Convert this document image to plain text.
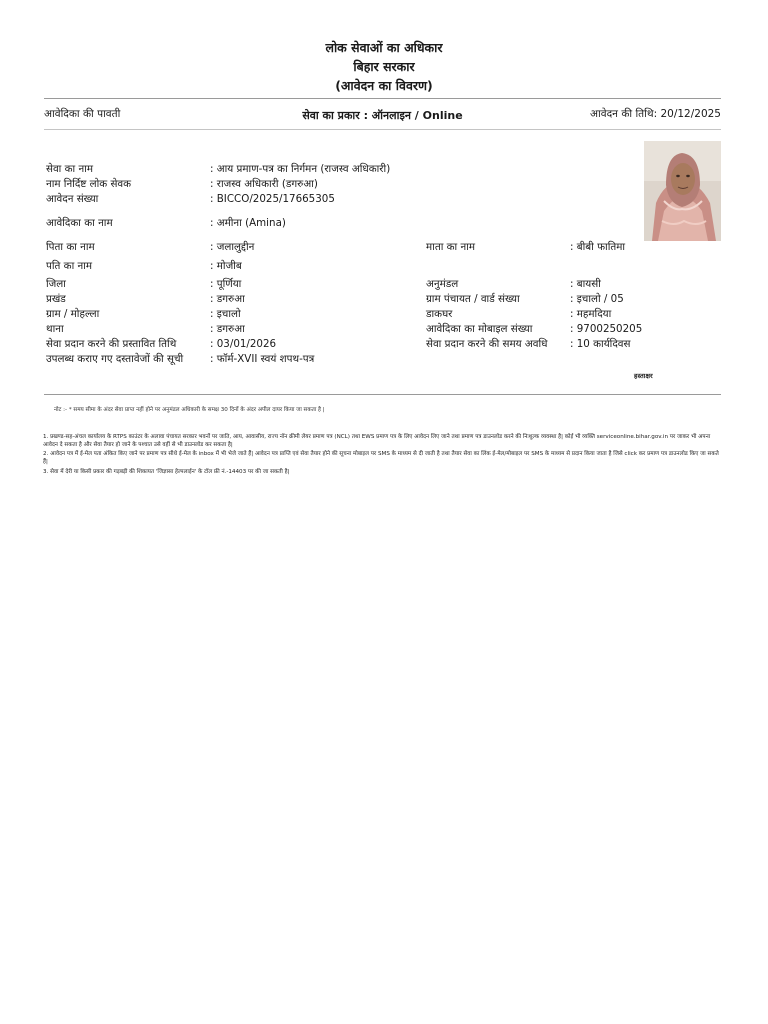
लोक सेवाओं का अधिकार
बिहार सरकार
(आवेदन का विवरण)
आवेदिका की पावती	सेवा का प्रकार : ऑनलाइन / Online	आवेदन की तिथि: 20/12/2025
सेवा का नाम	: आय प्रमाण-पत्र का निर्गमन (राजस्व अधिकारी)
नाम निर्दिष्ट लोक सेवक	: राजस्व अधिकारी (डगरुआ)
आवेदन संख्या	: BICCO/2025/17665305
आवेदिका का नाम	: अमीना (Amina)
पिता का नाम	: जलालुद्दीन	माता का नाम	: बीबी फातिमा
पति का नाम	: मोजीब
जिला	: पूर्णिया	अनुमंडल	: बायसी
प्रखंड	: डगरुआ	ग्राम पंचायत / वार्ड संख्या	: इचालो / 05
ग्राम / मोहल्ला	: इचालो	डाकघर	: महमदिया
थाना	: डगरुआ	आवेदिका का मोबाइल संख्या	: 9700250205
सेवा प्रदान करने की प्रस्तावित तिथि	: 03/01/2026	सेवा प्रदान करने की समय अवधि : 10 कार्यदिवस
उपलब्ध कराए गए दस्तावेजों की सूची	: फॉर्म-XVII स्वयं शपथ-पत्र
हस्ताक्षर
नोट :- * समय सीमा के अंदर सेवा प्राप्त नहीं होने पर अनुमंडल अधिकारी के समक्ष 30 दिनों के अंदर अपील दायर किया जा सकता है |
1. प्रखण्ड-सह-अंचल कार्यालय के RTPS काउंटर के अलावा पंचायत सरकार भवनों पर जाति, आय, आवासीय, राज्य नॉन क्रीमी लेयर प्रमाण पत्र (NCL) तथा EWS प्रमाण पत्र के लिए आवेदन लिए जाने तथा प्रमाण पत्र डाउनलोड करने की निःशुल्क व्यवस्था है| कोई भी व्यक्ति serviceonline.bihar.gov.in पर जाकर भी अपना आवेदन दे सकता है और सेवा तैयार हो जाने के पश्चात उसे वहीं से भी डाउनलोड कर सकता है|
2. आवेदन पत्र में ई-मेल पता अंकित किए जाने पर प्रमाण पत्र सीधे ई-मेल के inbox में भी भेजे जाते हैं| आवेदन पत्र प्राप्ति एवं सेवा तैयार होने की सूचना मोबाइल पर SMS के माध्यम से दी जाती है तथा तैयार सेवा का लिंक ई-मेल/मोबाइल पर SMS के माध्यम से प्रदान किया जाता है जिसे click कर प्रमाण पत्र डाउनलोड किए जा सकते हैं|
3. सेवा में देरी या किसी प्रकार की गड़बड़ी की शिकायत 'जिज्ञासा हेल्पलाईन' के टॉल फ्री नं.-14403 पर की जा सकती है|
